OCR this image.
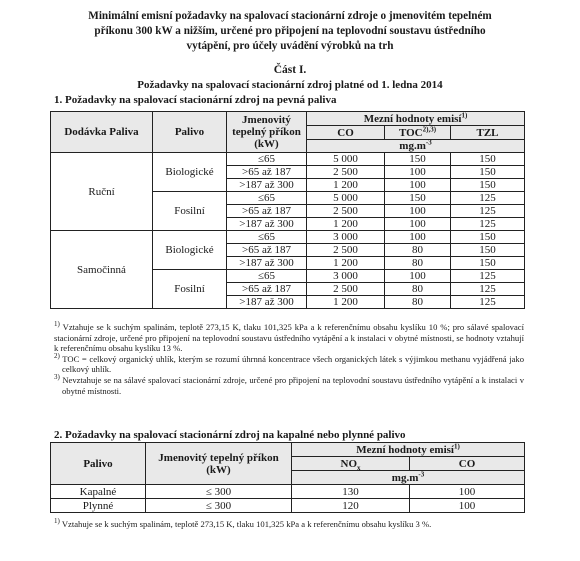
Minimální emisní požadavky na spalovací stacionární zdroje o jmenovitém tepelném
příkonu 300 kW a nižším, určené pro připojení na teplovodní soustavu ústředního
vytápění, pro účely uvádění výrobků na trh
Část I.
Požadavky na spalovací stacionární zdroj platné od 1. ledna 2014
1. Požadavky na spalovací stacionární zdroj na pevná paliva
Dodávka Paliva	Palivo	Jmenovitý tepelný příkon (kW)	Mezní hodnoty emisí$^{1)}$
			CO	$TOC^{2),3)}$	TZL
			$mg.m^{-3}$
Ruční	Biologické	≤65	5 000	150	150
		>65 až 187	2 500	100	150
		>187 až 300	1 200	100	150
	Fosilní	≤65	5 000	150	125
		>65 až 187	2 500	100	125
		>187 až 300	1 200	100	125
Samočinná	Biologické	≤65	3 000	100	150
		>65 až 187	2 500	80	150
		>187 až 300	1 200	80	150
	Fosilní	≤65	3 000	100	125
		>65 až 187	2 500	80	125
		>187 až 300	1 200	80	125

$^{1)}$ Vztahuje se k suchým spalinám, teplotě 273,15 K, tlaku 101,325 kPa a k referenčnímu obsahu kyslíku 10 %; pro sálavé spalovací stacionární zdroje, určené pro připojení na teplovodní soustavu ústředního vytápění a k instalaci v obytné místnosti, se hodnoty vztahují k referenčnímu obsahu kyslíku 13 %.

$^{2)}$ TOC = celkový organický uhlík, kterým se rozumí úhrnná koncentrace všech organických látek s výjimkou methanu vyjádřená jako celkový uhlík.

$^{3)}$ Nevztahuje se na sálavé spalovací stacionární zdroje, určené pro připojení na teplovodní soustavu ústředního vytápění a k instalaci v obytné místnosti.

2. Požadavky na spalovací stacionární zdroj na kapalné nebo plynné palivo
Palivo	Jmenovitý tepelný příkon (kW)	Mezní hodnoty emisí$^{1)}$
		$NO_x$	CO
		$mg.m^{-3}$
Kapalné	≤ 300	130	100
Plynné	≤ 300	120	100
$^{1)}$ Vztahuje se k suchým spalinám, teplotě 273,15 K, tlaku 101,325 kPa a k referenčnímu obsahu kyslíku 3 %.
